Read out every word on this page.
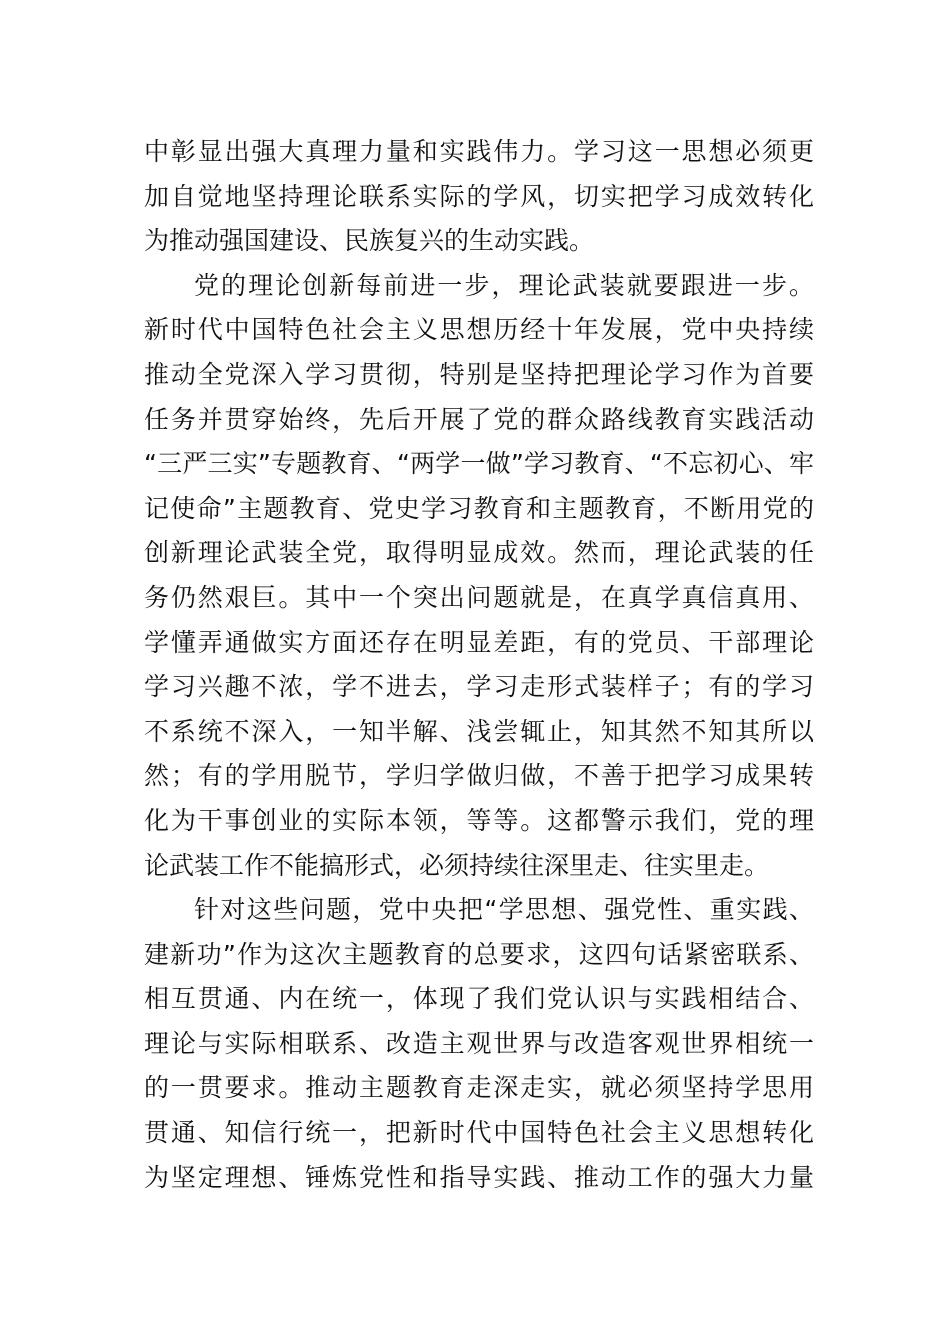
中彰显出强大真理力量和实践伟力。学习这一思想必须更
加自觉地坚持理论联系实际的学风，切实把学习成效转化
为推动强国建设、民族复兴的生动实践。
党的理论创新每前进一步，理论武装就要跟进一步。
新时代中国特色社会主义思想历经十年发展，党中央持续
推动全党深入学习贯彻，特别是坚持把理论学习作为首要
任务并贯穿始终，先后开展了党的群众路线教育实践活动
“三严三实”专题教育、“两学一做”学习教育、“不忘初心、牢
记使命”主题教育、党史学习教育和主题教育，不断用党的
创新理论武装全党，取得明显成效。然而，理论武装的任
务仍然艰巨。其中一个突出问题就是，在真学真信真用、
学懂弄通做实方面还存在明显差距，有的党员、干部理论
学习兴趣不浓，学不进去，学习走形式装样子；有的学习
不系统不深入，一知半解、浅尝辄止，知其然不知其所以
然；有的学用脱节，学归学做归做，不善于把学习成果转
化为干事创业的实际本领，等等。这都警示我们，党的理
论武装工作不能搞形式，必须持续往深里走、往实里走。
针对这些问题，党中央把“学思想、强党性、重实践、
建新功”作为这次主题教育的总要求，这四句话紧密联系、
相互贯通、内在统一，体现了我们党认识与实践相结合、
理论与实际相联系、改造主观世界与改造客观世界相统一
的一贯要求。推动主题教育走深走实，就必须坚持学思用
贯通、知信行统一，把新时代中国特色社会主义思想转化
为坚定理想、锤炼党性和指导实践、推动工作的强大力量
